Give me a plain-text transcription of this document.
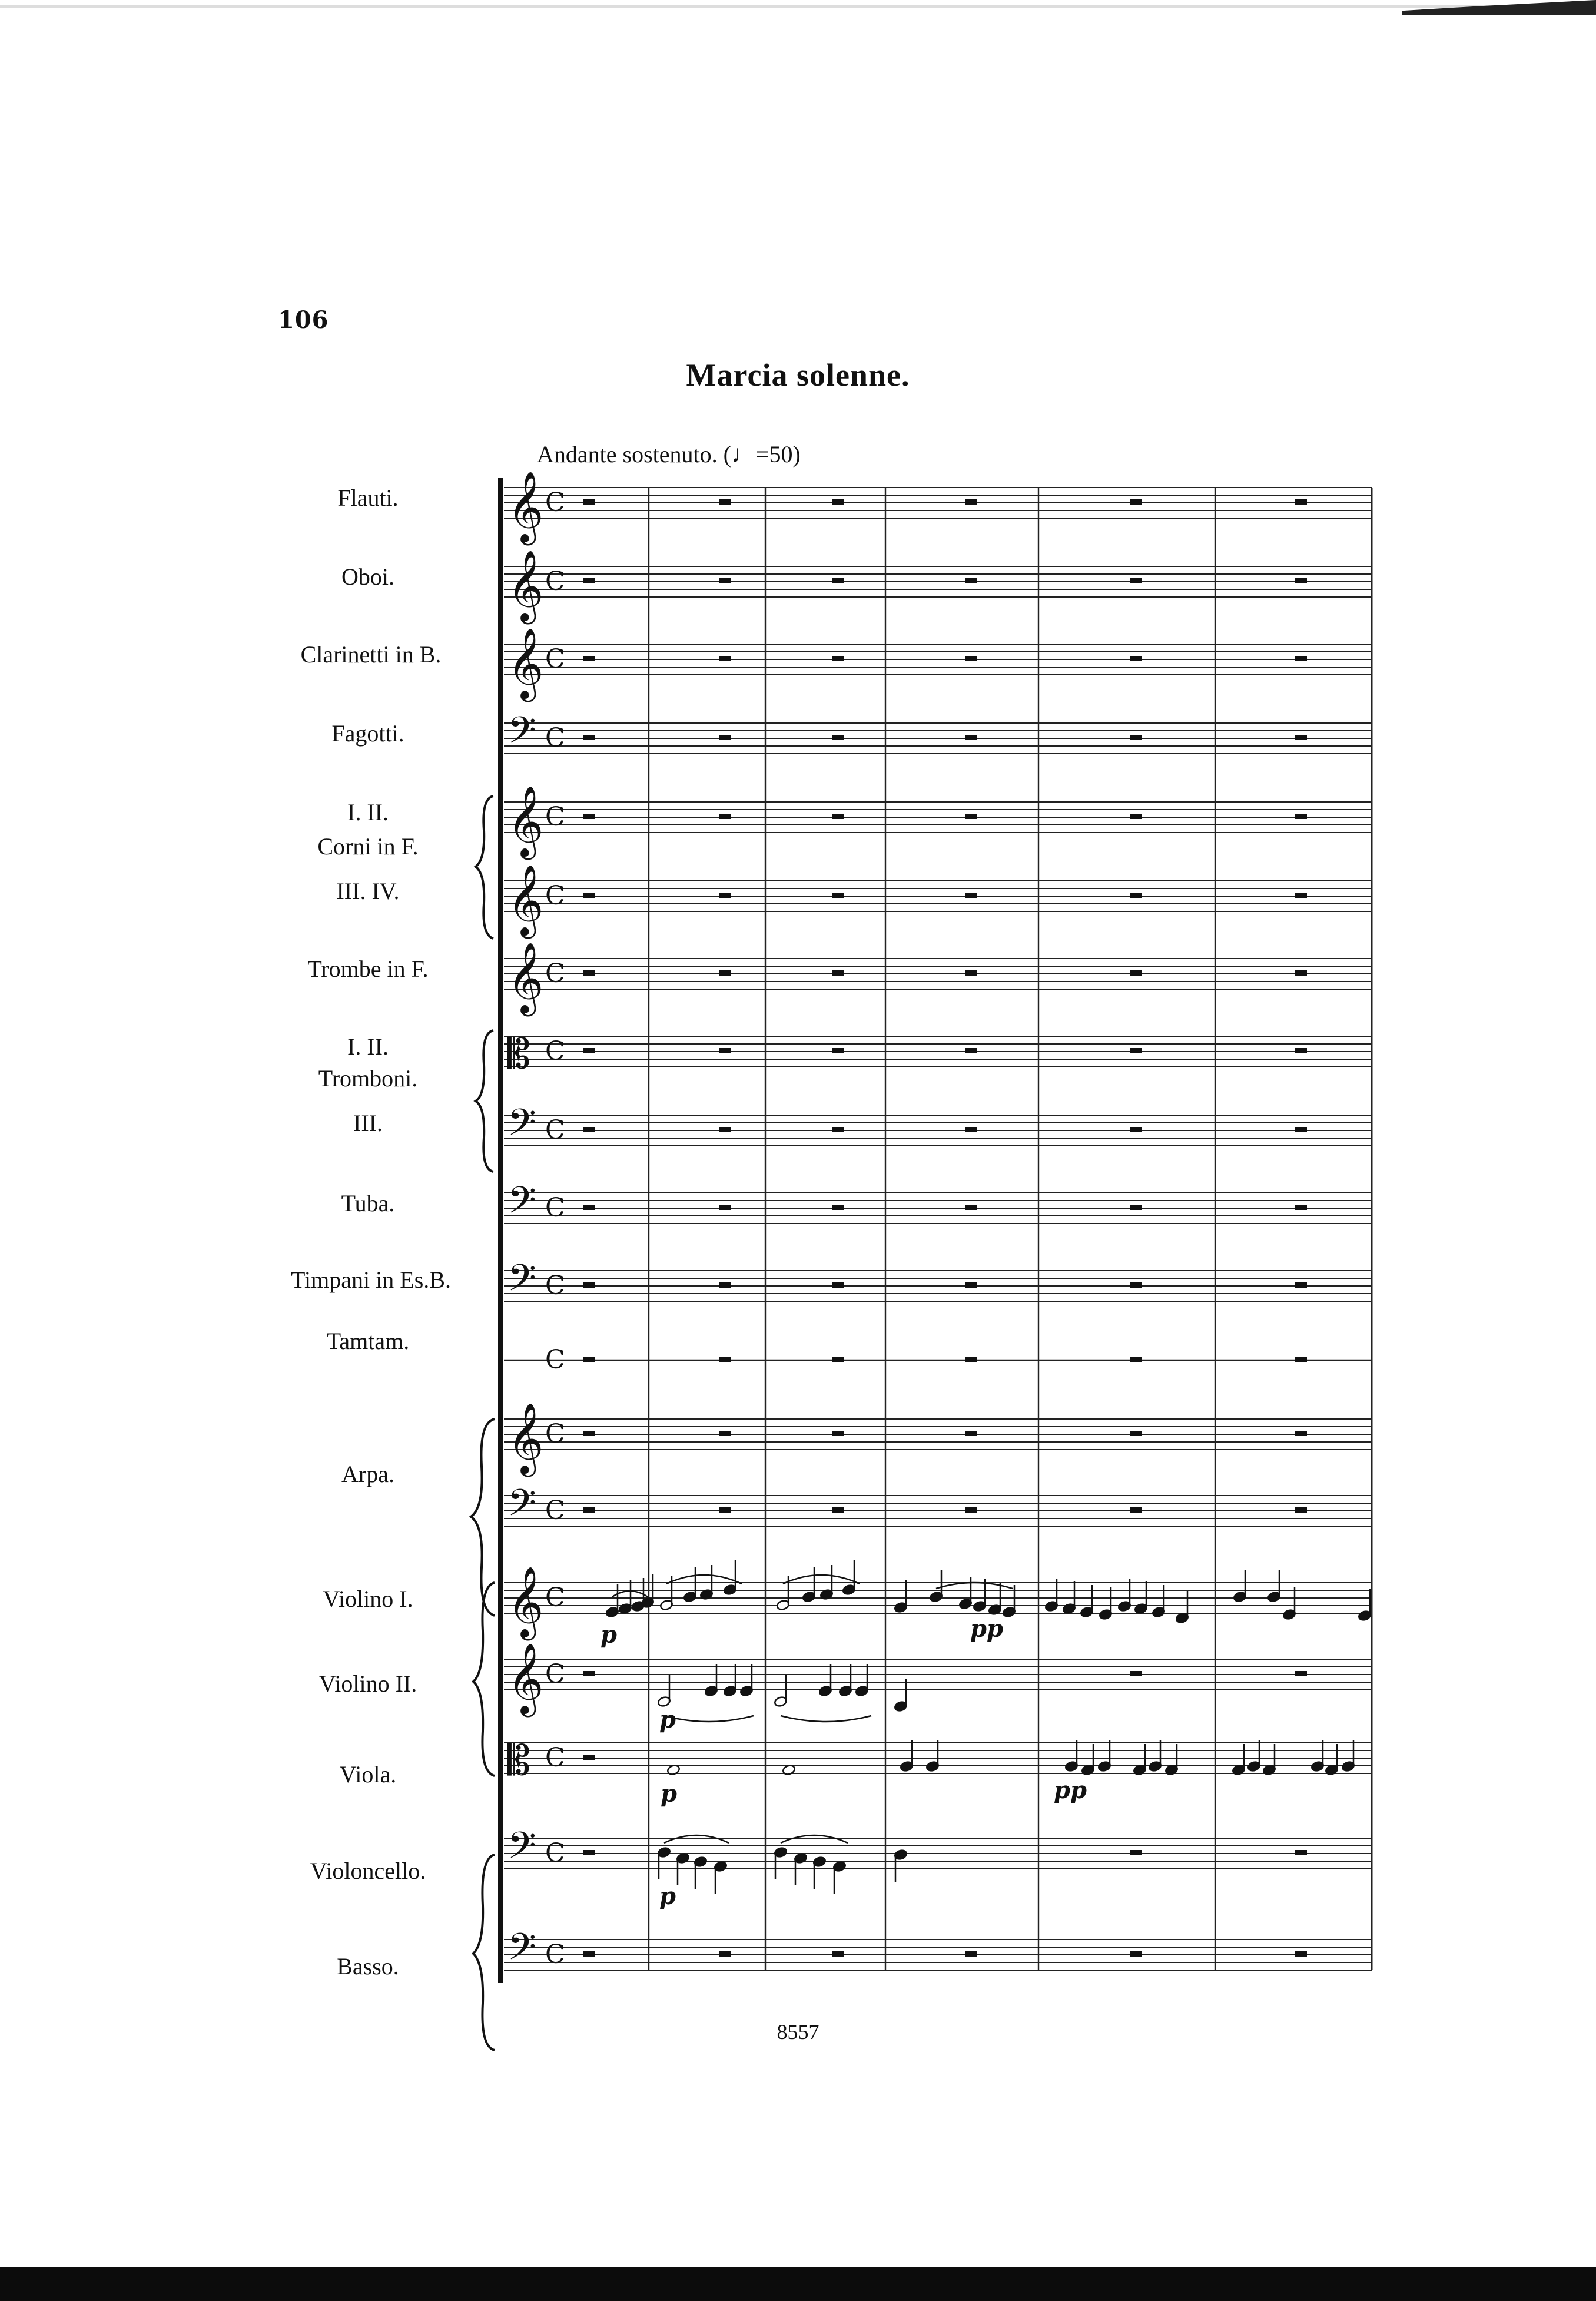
106
Marcia solenne.
Andante sostenuto. (♩=50)
Flauti.
Oboi.
Clarinetti in B.
Fagotti.
I. II.
Corni in F.
III. IV.
Trombe in F.
I. II.
Tromboni.
III.
Tuba.
Timpani in Es.B.
Tamtam.
Arpa.
Violino I.
Violino II.
Viola.
Violoncello.
Basso.
𝄞 C
𝄞 C
𝄞 C
𝄢 C
𝄞 C
𝄞 C
𝄞 C
𝄡 C
𝄢 C
𝄢 C
𝄢 C
C
𝄞 C
𝄢 C
𝄞 C
𝄞 C
𝄡 C
𝄢 C
𝄢 C
p	pp
p
p	pp
p
8557
